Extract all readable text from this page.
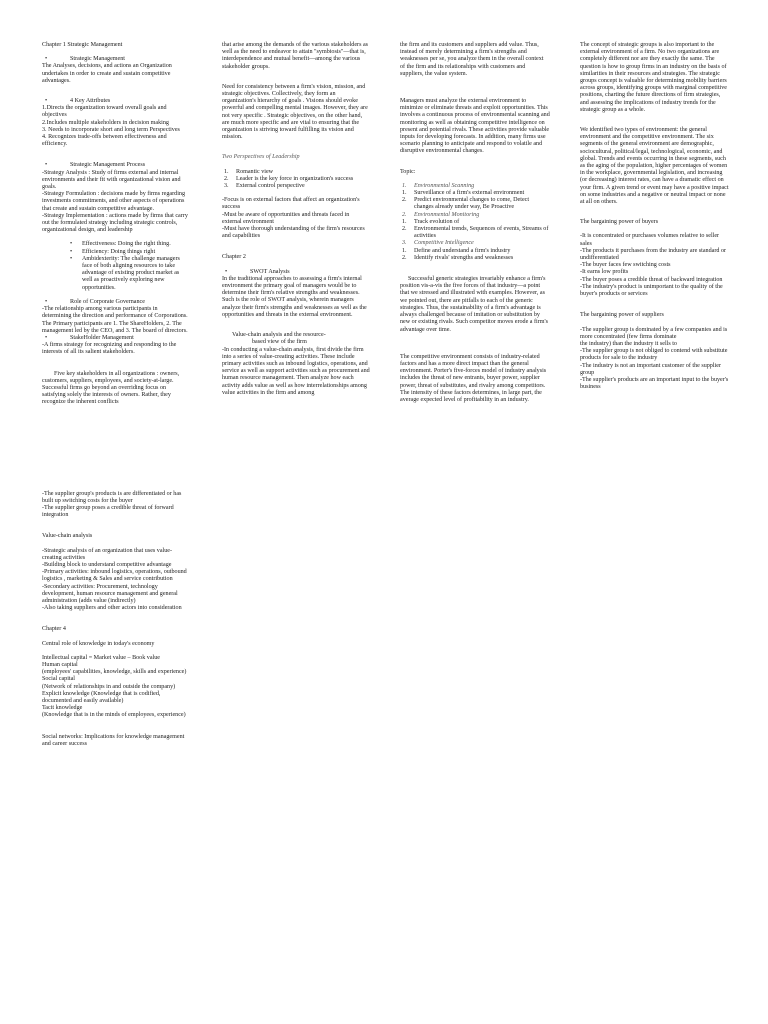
Chapter 1 Strategic Management
• Strategic Management

The Analyses, decisions, and actions an Organization undertakes in order to create and sustain competitive advantages.

• 4 Key Attributes
1.Directs the organization toward overall goals and objectives
2.Includes multiple stakeholders in decision making
3. Needs to incorporate short and long term Perspectives
4. Recognizes trade-offs between effectiveness and efficiency.
• Strategic Management Process
-Strategy Analysis : Study of firms external and internal environments and their fit with organizational vision and goals.
-Strategy Formulation : decisions made by firms regarding investments commitments, and other aspects of operations that create and sustain competitive advantage.
-Strategy Implementation : actions made by firms that carry out the formulated strategy including strategic controls, organizational design, and leadership
• Effectiveness: Doing the right thing.
• Efficiency: Doing things right
• Ambidexterity: The challenge managers face of both aligning resources to take advantage of existing product market as well as proactively exploring new opportunities.
• Role of Corporate Governance
-The relationship among various participants in determining the direction and performance of Corporations. The Primary participants are 1. The ShareHolders, 2. The management led by the CEO, and 3. The board of directors.
• StakeHolder Management
-A firms strategy for recognizing and responding to the interests of all its salient stakeholders.
Five key stakeholders in all organizations : owners, customers, suppliers, employees, and society-at-large. Successful firms go beyond an overriding focus on satisfying solely the interests of owners. Rather, they recognize the inherent conflicts
-The supplier group's products is are differentiated or has built up switching costs for the buyer
-The supplier group poses a credible threat of forward integration
Value-chain analysis
-Strategic analysis of an organization that uses value-creating activities
-Building block to understand competitive advantage
-Primary activities: inbound logistics, operations, outbound logistics , marketing & Sales and service contribution
-Secondary activities: Procurement, technology development, human resource management and general administration (adds value (indirectly)
-Also taking suppliers and other actors into consideration
Chapter 4
Central role of knowledge in today's economy
Intellectual capital = Market value – Book value
Human capital
(employees' capabilities, knowledge, skills and experience)
Social capital
(Network of relationships in and outside the company)
Explicit knowledge (Knowledge that is codified, documented and easily available)
Tacit knowledge
(Knowledge that is in the minds of employees, experience)
Social networks: Implications for knowledge management and career success

that arise among the demands of the various stakeholders as well as the need to endeavor to attain "symbiosis"—that is, interdependence and mutual benefit—among the various stakeholder groups.

Need for consistency between a firm's vision, mission, and strategic objectives. Collectively, they form an organization's hierarchy of goals . Visions should evoke powerful and compelling mental images. However, they are not very specific . Strategic objectives, on the other hand, are much more specific and are vital to ensuring that the organization is striving toward fulfilling its vision and mission.

Two Perspectives of Leadership
1. Romantic view
2. Leader is the key force in organization's success
3. External control perspective
-Focus is on external factors that affect an organization's success
-Must be aware of opportunities and threats faced in external environment
-Must have thorough understanding of the firm's resources and capabilities
Chapter 2
• SWOT Analysis

In the traditional approaches to assessing a firm's internal environment the primary goal of managers would be to determine their firm's relative strengths and weaknesses. Such is the role of SWOT analysis, wherein managers analyze their firm's strengths and weaknesses as well as the opportunities and threats in the external environment.

Value-chain analysis and the resource-
based view of the firm
-In conducting a value-chain analysis, first divide the firm into a series of value-creating activities. These include primary activities such as inbound logistics, operations, and service as well as support activities such as procurement and human resource management. Then analyze how each activity adds value as well as how interrelationships among value activities in the firm and among

the firm and its customers and suppliers add value. Thus, instead of merely determining a firm's strengths and weaknesses per se, you analyze them in the overall context of the firm and its relationships with customers and suppliers, the value system.

Managers must analyze the external environment to minimize or eliminate threats and exploit opportunities. This involves a continuous process of environmental scanning and monitoring as well as obtaining competitive intelligence on present and potential rivals. These activities provide valuable inputs for developing forecasts. In addition, many firms use scenario planning to anticipate and respond to volatile and disruptive environmental changes.

Topic:
1. Environmental Scanning
1. Surveillance of a firm's external environment
2. Predict environmental changes to come, Detect changes already under way, Be Proactive
2. Environmental Monitoring
1. Track evolution of
2. Environmental trends, Sequences of events, Streams of activities
3. Competitive Intelligence
1. Define and understand a firm's industry
2. Identify rivals' strengths and weaknesses

Successful generic strategies invariably enhance a firm's position vis-a-vis the five forces of that industry—a point that we stressed and illustrated with examples. However, as we pointed out, there are pitfalls to each of the generic strategies. Thus, the sustainability of a firm's advantage is always challenged because of imitation or substitution by new or existing rivals. Such competitor moves erode a firm's advantage over time.

The competitive environment consists of industry-related factors and has a more direct impact than the general environment. Porter's five-forces model of industry analysis includes the threat of new entrants, buyer power, supplier power, threat of substitutes, and rivalry among competitors. The intensity of these factors determines, in large part, the average expected level of profitability in an industry.

The concept of strategic groups is also important to the external environment of a firm. No two organizations are completely different nor are they exactly the same. The question is how to group firms in an industry on the basis of similarities in their resources and strategies. The strategic groups concept is valuable for determining mobility barriers across groups, identifying groups with marginal competitive positions, charting the future directions of firm strategies, and assessing the implications of industry trends for the strategic group as a whole.

We identified two types of environment: the general environment and the competitive environment. The six segments of the general environment are demographic, sociocultural, political/legal, technological, economic, and global. Trends and events occurring in these segments, such as the aging of the population, higher percentages of women in the workplace, governmental legislation, and increasing (or decreasing) interest rates, can have a dramatic effect on your firm. A given trend or event may have a positive impact on some industries and a negative or neutral impact or none at all on others.

The bargaining power of buyers
-It is concentrated or purchases volumes relative to seller sales
-The products it purchases from the industry are standard or undifferentiated
-The buyer faces few switching costs
-It earns low profits
-The buyer poses a credible threat of backward integration
-The industry's product is unimportant to the quality of the buyer's products or services
The bargaining power of suppliers
-The supplier group is dominated by a few companies and is more concentrated (few firms dominate
the industry) than the industry it sells to
-The supplier group is not obliged to contend with substitute products for sale to the industry
-The industry is not an important customer of the supplier group
-The supplier's products are an important input to the buyer's business
